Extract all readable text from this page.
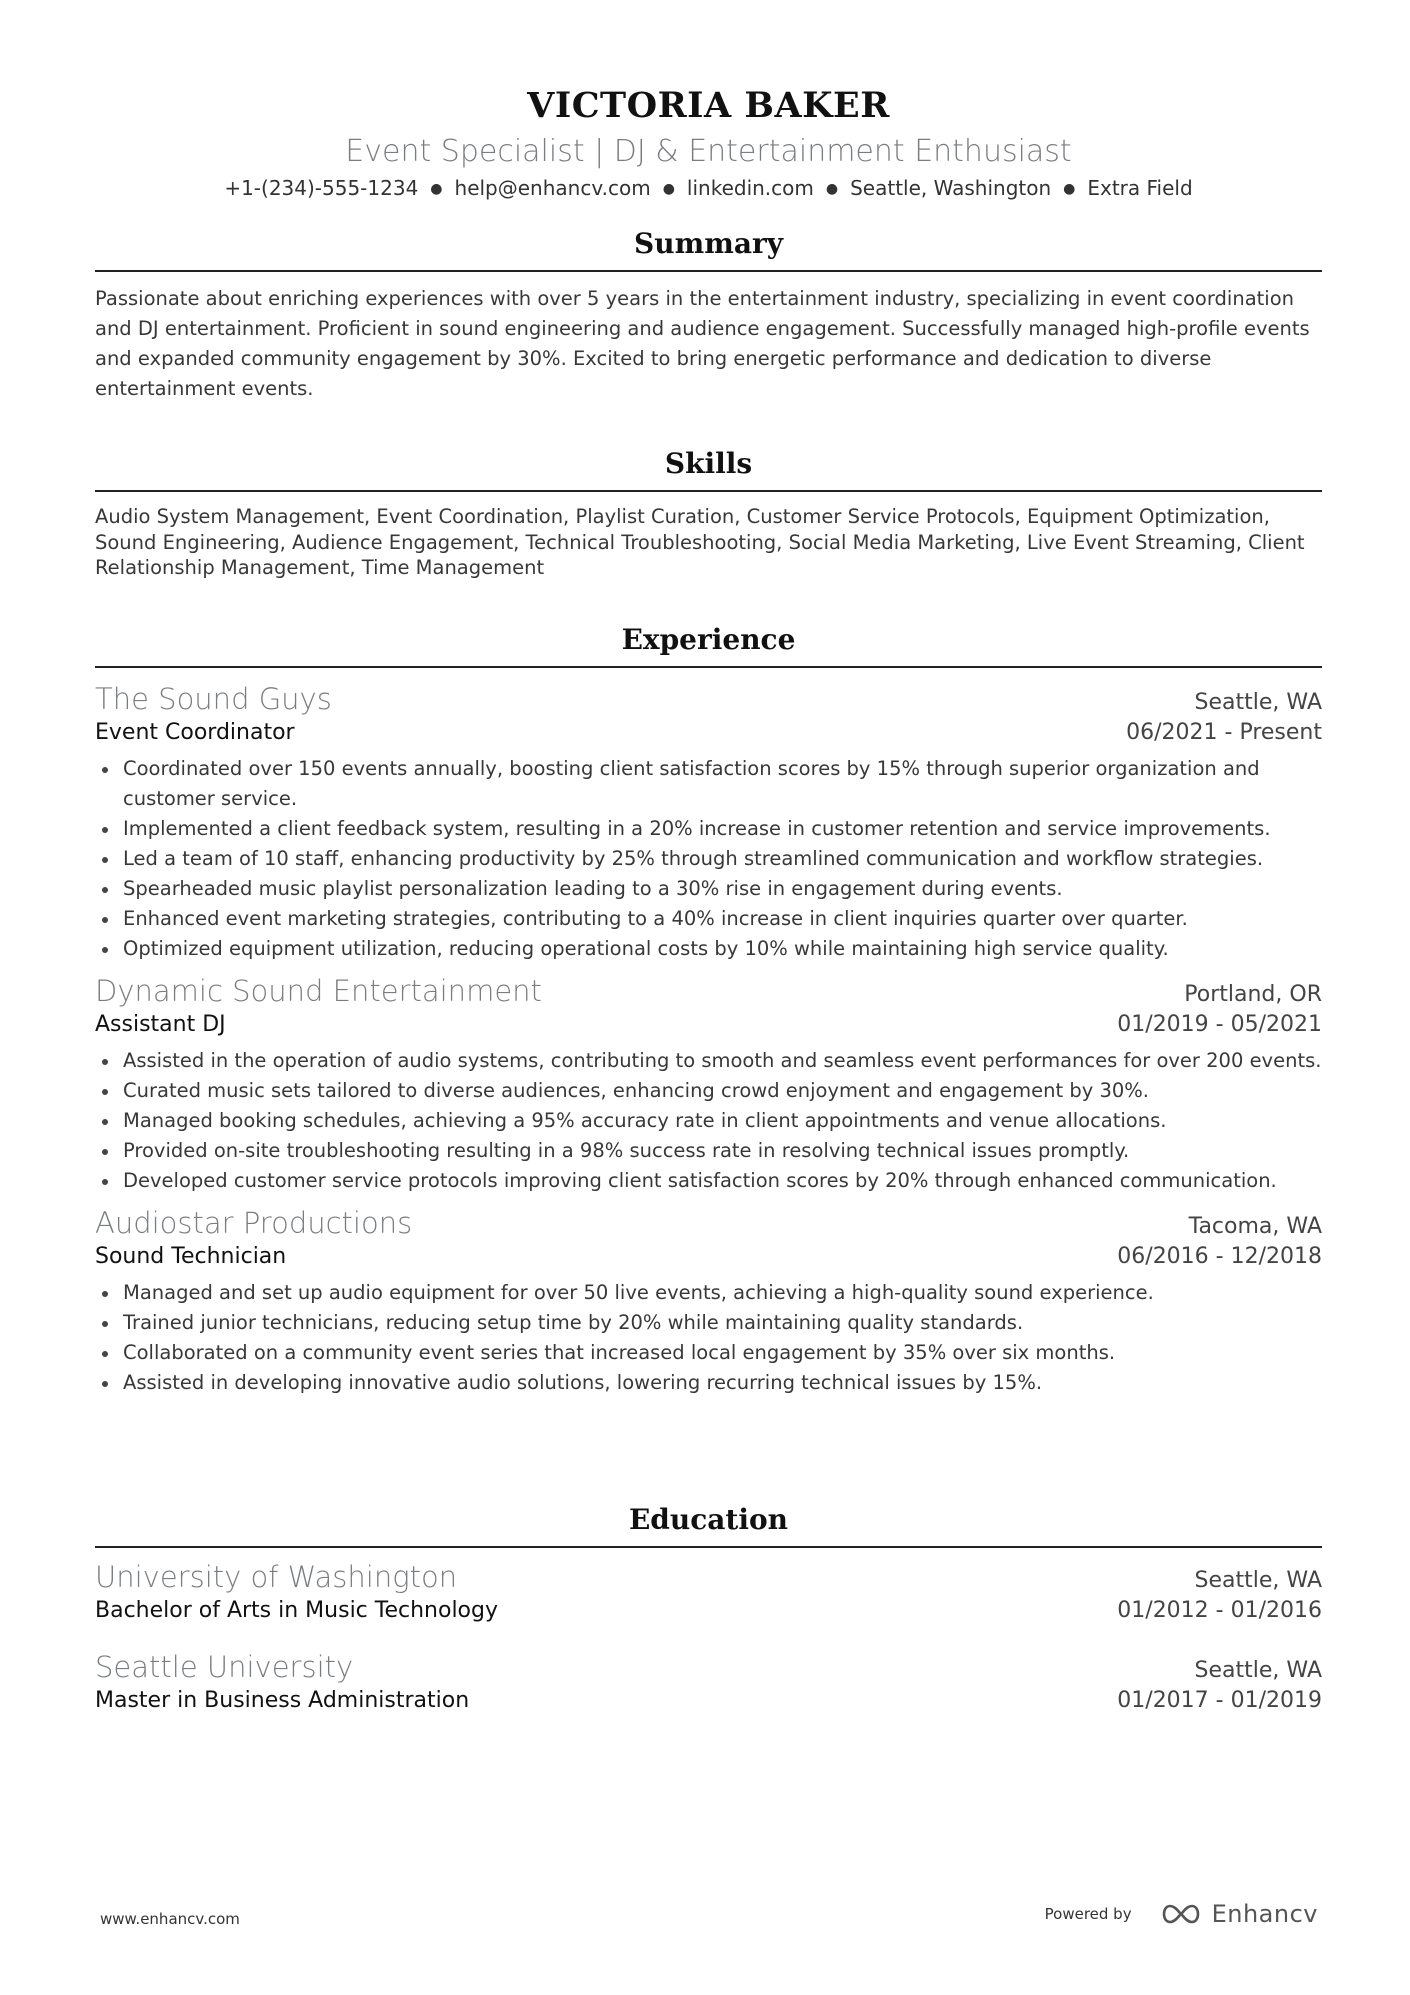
VICTORIA BAKER
Event Specialist | DJ & Entertainment Enthusiast
+1-(234)-555-1234 ● help@enhancv.com ● linkedin.com ● Seattle, Washington ● Extra Field
Summary
Passionate about enriching experiences with over 5 years in the entertainment industry, specializing in event coordination and DJ entertainment. Proficient in sound engineering and audience engagement. Successfully managed high-profile events and expanded community engagement by 30%. Excited to bring energetic performance and dedication to diverse entertainment events.
Skills
Audio System Management, Event Coordination, Playlist Curation, Customer Service Protocols, Equipment Optimization, Sound Engineering, Audience Engagement, Technical Troubleshooting, Social Media Marketing, Live Event Streaming, Client Relationship Management, Time Management
Experience
The Sound Guys	Seattle, WA
Event Coordinator	06/2021 - Present
Coordinated over 150 events annually, boosting client satisfaction scores by 15% through superior organization and customer service.
Implemented a client feedback system, resulting in a 20% increase in customer retention and service improvements.
Led a team of 10 staff, enhancing productivity by 25% through streamlined communication and workflow strategies.
Spearheaded music playlist personalization leading to a 30% rise in engagement during events.
Enhanced event marketing strategies, contributing to a 40% increase in client inquiries quarter over quarter.
Optimized equipment utilization, reducing operational costs by 10% while maintaining high service quality.
Dynamic Sound Entertainment	Portland, OR
Assistant DJ	01/2019 - 05/2021
Assisted in the operation of audio systems, contributing to smooth and seamless event performances for over 200 events.
Curated music sets tailored to diverse audiences, enhancing crowd enjoyment and engagement by 30%.
Managed booking schedules, achieving a 95% accuracy rate in client appointments and venue allocations.
Provided on-site troubleshooting resulting in a 98% success rate in resolving technical issues promptly.
Developed customer service protocols improving client satisfaction scores by 20% through enhanced communication.
Audiostar Productions	Tacoma, WA
Sound Technician	06/2016 - 12/2018
Managed and set up audio equipment for over 50 live events, achieving a high-quality sound experience.
Trained junior technicians, reducing setup time by 20% while maintaining quality standards.
Collaborated on a community event series that increased local engagement by 35% over six months.
Assisted in developing innovative audio solutions, lowering recurring technical issues by 15%.
Education
University of Washington	Seattle, WA
Bachelor of Arts in Music Technology	01/2012 - 01/2016
Seattle University	Seattle, WA
Master in Business Administration	01/2017 - 01/2019
www.enhancv.com	Powered by	Enhancv
